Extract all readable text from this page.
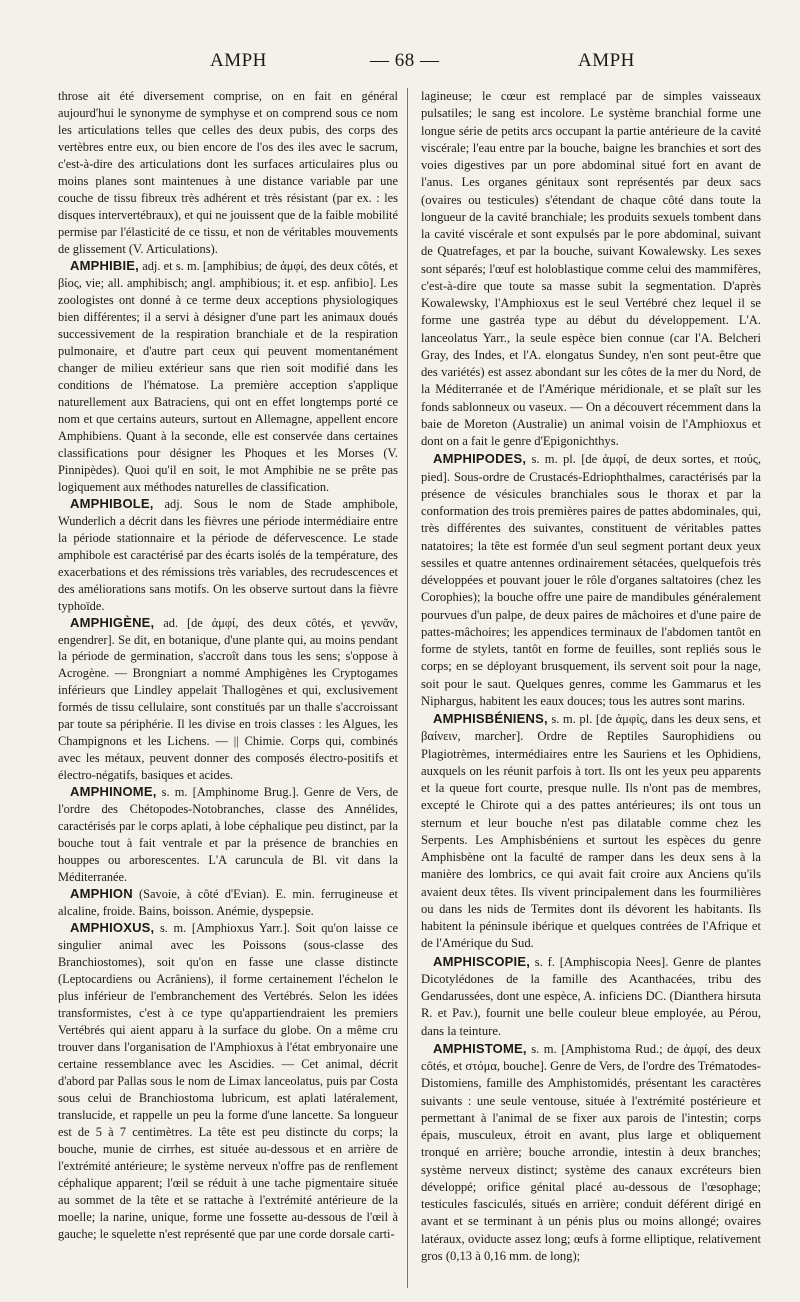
AMPH	— 68 —	AMPH

throse ait été diversement comprise, on en fait en général aujourd'hui le synonyme de symphyse et on comprend sous ce nom les articulations telles que celles des deux pubis, des corps des vertèbres entre eux, ou bien encore de l'os des iles avec le sacrum, c'est-à-dire des articulations dont les surfaces articulaires plus ou moins planes sont maintenues à une distance variable par une couche de tissu fibreux très adhérent et très résistant (par ex. : les disques intervertébraux), et qui ne jouissent que de la faible mobilité permise par l'élasticité de ce tissu, et non de véritables mouvements de glissement (V. Articulations).

AMPHIBIE, adj. et s. m. [amphibius; de ἀμφί, des deux côtés, et βίος, vie; all. amphibisch; angl. amphibious; it. et esp. anfibio]. Les zoologistes ont donné à ce terme deux acceptions physiologiques bien différentes; il a servi à désigner d'une part les animaux doués successivement de la respiration branchiale et de la respiration pulmonaire, et d'autre part ceux qui peuvent momentanément changer de milieu extérieur sans que rien soit modifié dans les conditions de l'hématose. La première acception s'applique naturellement aux Batraciens, qui ont en effet longtemps porté ce nom et que certains auteurs, surtout en Allemagne, appellent encore Amphibiens. Quant à la seconde, elle est conservée dans certaines classifications pour désigner les Phoques et les Morses (V. Pinnipèdes). Quoi qu'il en soit, le mot Amphibie ne se prête pas logiquement aux méthodes naturelles de classification.

AMPHIBOLE, adj. Sous le nom de Stade amphibole, Wunderlich a décrit dans les fièvres une période intermédiaire entre la période stationnaire et la période de défervescence. Le stade amphibole est caractérisé par des écarts isolés de la température, des exacerbations et des rémissions très variables, des recrudescences et des améliorations sans motifs. On les observe surtout dans la fièvre typhoïde.

AMPHIGÈNE, ad. [de ἀμφί, des deux côtés, et γεννᾶν, engendrer]. Se dit, en botanique, d'une plante qui, au moins pendant la période de germination, s'accroît dans tous les sens; s'oppose à Acrogène. — Brongniart a nommé Amphigènes les Cryptogames inférieurs que Lindley appelait Thallogènes et qui, exclusivement formés de tissu cellulaire, sont constitués par un thalle s'accroissant par toute sa périphérie. Il les divise en trois classes : les Algues, les Champignons et les Lichens. — || Chimie. Corps qui, combinés avec les métaux, peuvent donner des composés électro-positifs et électro-négatifs, basiques et acides.

AMPHINOME, s. m. [Amphinome Brug.]. Genre de Vers, de l'ordre des Chétopodes-Notobranches, classe des Annélides, caractérisés par le corps aplati, à lobe céphalique peu distinct, par la bouche tout à fait ventrale et par la présence de branchies en houppes ou arborescentes. L'A caruncula de Bl. vit dans la Méditerranée.

AMPHION (Savoie, à côté d'Evian). E. min. ferrugineuse et alcaline, froide. Bains, boisson. Anémie, dyspepsie.

AMPHIOXUS, s. m. [Amphioxus Yarr.]. Soit qu'on laisse ce singulier animal avec les Poissons (sous-classe des Branchiostomes), soit qu'on en fasse une classe distincte (Leptocardiens ou Acrâniens), il forme certainement l'échelon le plus inférieur de l'embranchement des Vertébrés. Selon les idées transformistes, c'est à ce type qu'appartiendraient les premiers Vertébrés qui aient apparu à la surface du globe. On a même cru trouver dans l'organisation de l'Amphioxus à l'état embryonaire une certaine ressemblance avec les Ascidies. — Cet animal, décrit d'abord par Pallas sous le nom de Limax lanceolatus, puis par Costa sous celui de Branchiostoma lubricum, est aplati latéralement, translucide, et rappelle un peu la forme d'une lancette. Sa longueur est de 5 à 7 centimètres. La tête est peu distincte du corps; la bouche, munie de cirrhes, est située au-dessous et en arrière de l'extrémité antérieure; le système nerveux n'offre pas de renflement céphalique apparent; l'œil se réduit à une tache pigmentaire située au sommet de la tête et se rattache à l'extrémité antérieure de la moelle; la narine, unique, forme une fossette au-dessous de l'œil à gauche; le squelette n'est représenté que par une corde dorsale carti-

lagineuse; le cœur est remplacé par de simples vaisseaux pulsatiles; le sang est incolore. Le système branchial forme une longue série de petits arcs occupant la partie antérieure de la cavité viscérale; l'eau entre par la bouche, baigne les branchies et sort des voies digestives par un pore abdominal situé fort en avant de l'anus. Les organes génitaux sont représentés par deux sacs (ovaires ou testicules) s'étendant de chaque côté dans toute la longueur de la cavité branchiale; les produits sexuels tombent dans la cavité viscérale et sont expulsés par le pore abdominal, suivant de Quatrefages, et par la bouche, suivant Kowalewsky. Les sexes sont séparés; l'œuf est holoblastique comme celui des mammifères, c'est-à-dire que toute sa masse subit la segmentation. D'après Kowalewsky, l'Amphioxus est le seul Vertébré chez lequel il se forme une gastréa type au début du développement. L'A. lanceolatus Yarr., la seule espèce bien connue (car l'A. Belcheri Gray, des Indes, et l'A. elongatus Sundey, n'en sont peut-être que des variétés) est assez abondant sur les côtes de la mer du Nord, de la Méditerranée et de l'Amérique méridionale, et se plaît sur les fonds sablonneux ou vaseux. — On a découvert récemment dans la baie de Moreton (Australie) un animal voisin de l'Amphioxus et dont on a fait le genre d'Epigonichthys.

AMPHIPODES, s. m. pl. [de ἀμφί, de deux sortes, et πούς, pied]. Sous-ordre de Crustacés-Edriophthalmes, caractérisés par la présence de vésicules branchiales sous le thorax et par la conformation des trois premières paires de pattes abdominales, qui, très différentes des suivantes, constituent de véritables pattes natatoires; la tête est formée d'un seul segment portant deux yeux sessiles et quatre antennes ordinairement sétacées, quelquefois très développées et pouvant jouer le rôle d'organes saltatoires (chez les Corophies); la bouche offre une paire de mandibules généralement pourvues d'un palpe, de deux paires de mâchoires et d'une paire de pattes-mâchoires; les appendices terminaux de l'abdomen tantôt en forme de stylets, tantôt en forme de feuilles, sont repliés sous le corps; en se déployant brusquement, ils servent soit pour la nage, soit pour le saut. Quelques genres, comme les Gammarus et les Niphargus, habitent les eaux douces; tous les autres sont marins.

AMPHISBÉNIENS, s. m. pl. [de ἀμφίς, dans les deux sens, et βαίνειν, marcher]. Ordre de Reptiles Saurophidiens ou Plagiotrèmes, intermédiaires entre les Sauriens et les Ophidiens, auxquels on les réunit parfois à tort. Ils ont les yeux peu apparents et la queue fort courte, presque nulle. Ils n'ont pas de membres, excepté le Chirote qui a des pattes antérieures; ils ont tous un sternum et leur bouche n'est pas dilatable comme chez les Serpents. Les Amphisbéniens et surtout les espèces du genre Amphisbène ont la faculté de ramper dans les deux sens à la manière des lombrics, ce qui avait fait croire aux Anciens qu'ils avaient deux têtes. Ils vivent principalement dans les fourmilières ou dans les nids de Termites dont ils dévorent les habitants. Ils habitent la péninsule ibérique et quelques contrées de l'Afrique et de l'Amérique du Sud.

AMPHISCOPIE, s. f. [Amphiscopia Nees]. Genre de plantes Dicotylédones de la famille des Acanthacées, tribu des Gendarussées, dont une espèce, A. inficiens DC. (Dianthera hirsuta R. et Pav.), fournit une belle couleur bleue employée, au Pérou, dans la teinture.

AMPHISTOME, s. m. [Amphistoma Rud.; de ἀμφί, des deux côtés, et στόμα, bouche]. Genre de Vers, de l'ordre des Trématodes-Distomiens, famille des Amphistomidés, présentant les caractères suivants : une seule ventouse, située à l'extrémité postérieure et permettant à l'animal de se fixer aux parois de l'intestin; corps épais, musculeux, étroit en avant, plus large et obliquement tronqué en arrière; bouche arrondie, intestin à deux branches; système nerveux distinct; système des canaux excréteurs bien développé; orifice génital placé au-dessous de l'œsophage; testicules fasciculés, situés en arrière; conduit déférent dirigé en avant et se terminant à un pénis plus ou moins allongé; ovaires latéraux, oviducte assez long; œufs à forme elliptique, relativement gros (0,13 à 0,16 mm. de long);
